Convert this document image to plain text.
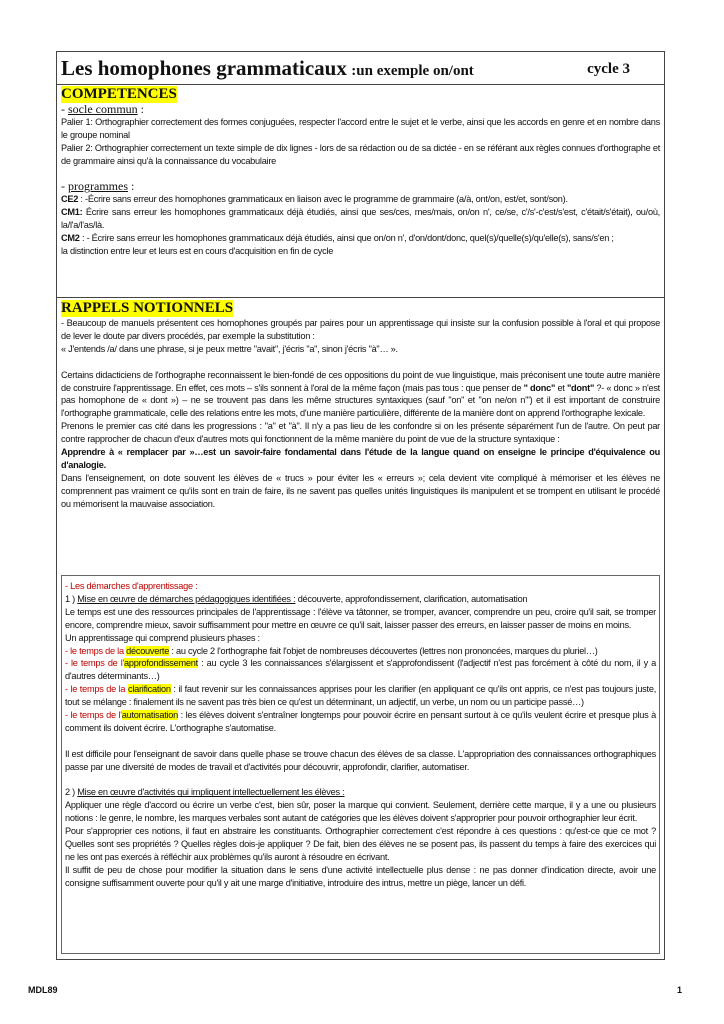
Les homophones grammaticaux :un exemple on/ont	cycle 3
COMPETENCES
- socle commun :

Palier 1: Orthographier correctement des formes conjuguées, respecter l'accord entre le sujet et le verbe, ainsi que les accords en genre et en nombre dans le groupe nominal

Palier 2: Orthographier correctement un texte simple de dix lignes - lors de sa rédaction ou de sa dictée - en se référant aux règles connues d'orthographe et de grammaire ainsi qu'à la connaissance du vocabulaire

- programmes :

CE2 : -Écrire sans erreur des homophones grammaticaux en liaison avec le programme de grammaire (a/à, ont/on, est/et, sont/son).

CM1: Écrire sans erreur les homophones grammaticaux déjà étudiés, ainsi que ses/ces, mes/mais, on/on n', ce/se, c'/s'-c'est/s'est, c'était/s'était), ou/où, la/l'a/l'as/là.

CM2 : - Écrire sans erreur les homophones grammaticaux déjà étudiés, ainsi que on/on n', d'on/dont/donc, quel(s)/quelle(s)/qu'elle(s), sans/s'en ;

la distinction entre leur et leurs est en cours d'acquisition en fin de cycle

RAPPELS NOTIONNELS

- Beaucoup de manuels présentent ces homophones groupés par paires pour un apprentissage qui insiste sur la confusion possible à l'oral et qui propose de lever le doute par divers procédés, par exemple la substitution :

« J'entends /a/ dans une phrase, si je peux mettre "avait", j'écris "a", sinon j'écris "à"… ».

Certains didacticiens de l'orthographe reconnaissent le bien-fondé de ces oppositions du point de vue linguistique, mais préconisent une toute autre manière de construire l'apprentissage. En effet, ces mots – s'ils sonnent à l'oral de la même façon (mais pas tous : que penser de " donc" et "dont" ?- « donc » n'est pas homophone de « dont ») – ne se trouvent pas dans les même structures syntaxiques (sauf "on" et "on ne/on n'") et il est important de construire l'orthographe grammaticale, celle des relations entre les mots, d'une manière particulière, différente de la manière dont on apprend l'orthographe lexicale.

Prenons le premier cas cité dans les progressions : "a" et "à". Il n'y a pas lieu de les confondre si on les présente séparément l'un de l'autre. On peut par contre rapprocher de chacun d'eux d'autres mots qui fonctionnent de la même manière du point de vue de la structure syntaxique :

Apprendre à « remplacer par »…est un savoir-faire fondamental dans l'étude de la langue quand on enseigne le principe d'équivalence ou d'analogie.

Dans l'enseignement, on dote souvent les élèves de « trucs » pour éviter les « erreurs »; cela devient vite compliqué à mémoriser et les élèves ne comprennent pas vraiment ce qu'ils sont en train de faire, ils ne savent pas quelles unités linguistiques ils manipulent et se trompent en utilisant le procédé ou mémorisent la mauvaise association.

- Les démarches d'apprentissage :

1 ) Mise en œuvre de démarches pédagogiques identifiées : découverte, approfondissement, clarification, automatisation

Le temps est une des ressources principales de l'apprentissage : l'élève va tâtonner, se tromper, avancer, comprendre un peu, croire qu'il sait, se tromper encore, comprendre mieux, savoir suffisamment pour mettre en œuvre ce qu'il sait, laisser passer des erreurs, en laisser passer de moins en moins.

Un apprentissage qui comprend plusieurs phases :

- le temps de la découverte : au cycle 2 l'orthographe fait l'objet de nombreuses découvertes (lettres non prononcées, marques du pluriel…)

- le temps de l'approfondissement : au cycle 3 les connaissances s'élargissent et s'approfondissent (l'adjectif n'est pas forcément à côté du nom, il y a d'autres déterminants…)

- le temps de la clarification : il faut revenir sur les connaissances apprises pour les clarifier (en appliquant ce qu'ils ont appris, ce n'est pas toujours juste, tout se mélange : finalement ils ne savent pas très bien ce qu'est un déterminant, un adjectif, un verbe, un nom ou un participe passé…)

- le temps de l'automatisation : les élèves doivent s'entraîner longtemps pour pouvoir écrire en pensant surtout à ce qu'ils veulent écrire et presque plus à comment ils doivent écrire. L'orthographe s'automatise.

Il est difficile pour l'enseignant de savoir dans quelle phase se trouve chacun des élèves de sa classe. L'appropriation des connaissances orthographiques passe par une diversité de modes de travail et d'activités pour découvrir, approfondir, clarifier, automatiser.

2 ) Mise en œuvre d'activités qui impliquent intellectuellement les élèves :

Appliquer une règle d'accord ou écrire un verbe c'est, bien sûr, poser la marque qui convient. Seulement, derrière cette marque, il y a une ou plusieurs notions : le genre, le nombre, les marques verbales sont autant de catégories que les élèves doivent s'approprier pour pouvoir orthographier leur écrit.

Pour s'approprier ces notions, il faut en abstraire les constituants. Orthographier correctement c'est répondre à ces questions : qu'est-ce que ce mot ? Quelles sont ses propriétés ? Quelles règles dois-je appliquer ? De fait, bien des élèves ne se posent pas, ils passent du temps à faire des exercices qui ne les ont pas exercés à réfléchir aux problèmes qu'ils auront à résoudre en écrivant.

Il suffit de peu de chose pour modifier la situation dans le sens d'une activité intellectuelle plus dense : ne pas donner d'indication directe, avoir une consigne suffisamment ouverte pour qu'il y ait une marge d'initiative, introduire des intrus, mettre un piège, lancer un défi.

MDL89	1
